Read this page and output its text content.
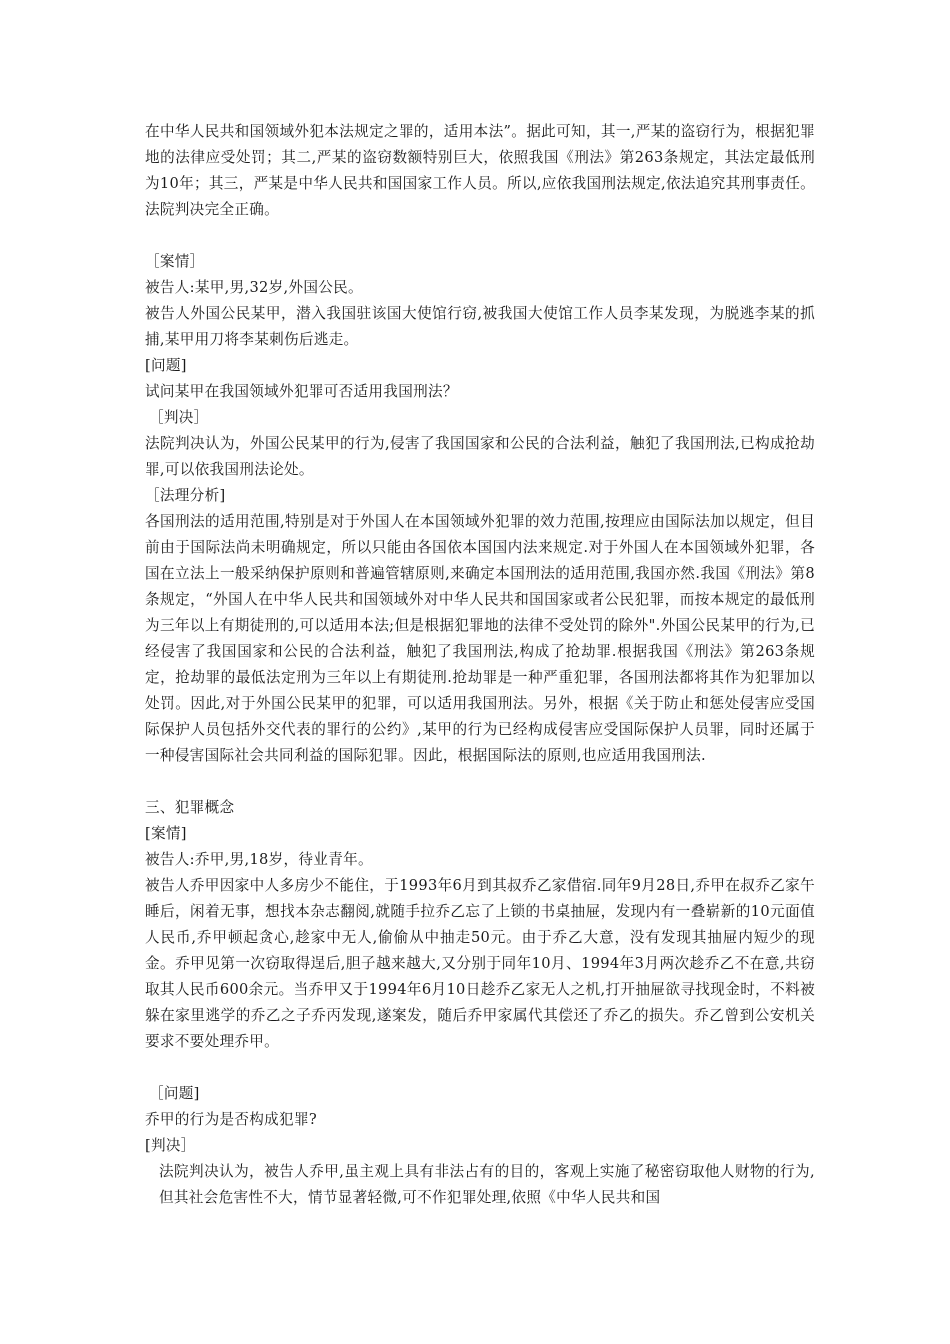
在中华人民共和国领域外犯本法规定之罪的，适用本法”。据此可知，其一,严某的盗窃行为，根据犯罪地的法律应受处罚；其二,严某的盗窃数额特别巨大，依照我国《刑法》第263条规定，其法定最低刑为10年；其三，严某是中华人民共和国国家工作人员。所以,应依我国刑法规定,依法追究其刑事责任。法院判决完全正确。

［案情］

被告人:某甲,男,32岁,外国公民。

被告人外国公民某甲，潜入我国驻该国大使馆行窃,被我国大使馆工作人员李某发现，为脱逃李某的抓捕,某甲用刀将李某刺伤后逃走。

[问题]

试问某甲在我国领域外犯罪可否适用我国刑法？

［判决］

法院判决认为，外国公民某甲的行为,侵害了我国国家和公民的合法利益，触犯了我国刑法,已构成抢劫罪,可以依我国刑法论处。

［法理分析]

各国刑法的适用范围,特别是对于外国人在本国领域外犯罪的效力范围,按理应由国际法加以规定，但目前由于国际法尚未明确规定，所以只能由各国依本国国内法来规定.对于外国人在本国领域外犯罪，各国在立法上一般采纳保护原则和普遍管辖原则,来确定本国刑法的适用范围,我国亦然.我国《刑法》第8条规定，“外国人在中华人民共和国领域外对中华人民共和国国家或者公民犯罪，而按本规定的最低刑为三年以上有期徒刑的,可以适用本法;但是根据犯罪地的法律不受处罚的除外".外国公民某甲的行为,已经侵害了我国国家和公民的合法利益，触犯了我国刑法,构成了抢劫罪.根据我国《刑法》第263条规定，抢劫罪的最低法定刑为三年以上有期徒刑.抢劫罪是一种严重犯罪，各国刑法都将其作为犯罪加以处罚。因此,对于外国公民某甲的犯罪，可以适用我国刑法。另外，根据《关于防止和惩处侵害应受国际保护人员包括外交代表的罪行的公约》,某甲的行为已经构成侵害应受国际保护人员罪，同时还属于一种侵害国际社会共同利益的国际犯罪。因此，根据国际法的原则,也应适用我国刑法.

三、犯罪概念

[案情]

被告人:乔甲,男,18岁，待业青年。

被告人乔甲因家中人多房少不能住，于1993年6月到其叔乔乙家借宿.同年9月28日,乔甲在叔乔乙家午睡后，闲着无事，想找本杂志翻阅,就随手拉乔乙忘了上锁的书桌抽屉，发现内有一叠崭新的10元面值人民币,乔甲顿起贪心,趁家中无人,偷偷从中抽走50元。由于乔乙大意，没有发现其抽屉内短少的现金。乔甲见第一次窃取得逞后,胆子越来越大,又分别于同年10月、1994年3月两次趁乔乙不在意,共窃取其人民币600余元。当乔甲又于1994年6月10日趁乔乙家无人之机,打开抽屉欲寻找现金时，不料被躲在家里逃学的乔乙之子乔丙发现,遂案发，随后乔甲家属代其偿还了乔乙的损失。乔乙曾到公安机关要求不要处理乔甲。

［问题]

乔甲的行为是否构成犯罪?

[判决］

法院判决认为，被告人乔甲,虽主观上具有非法占有的目的，客观上实施了秘密窃取他人财物的行为,但其社会危害性不大，情节显著轻微,可不作犯罪处理,依照《中华人民共和国
